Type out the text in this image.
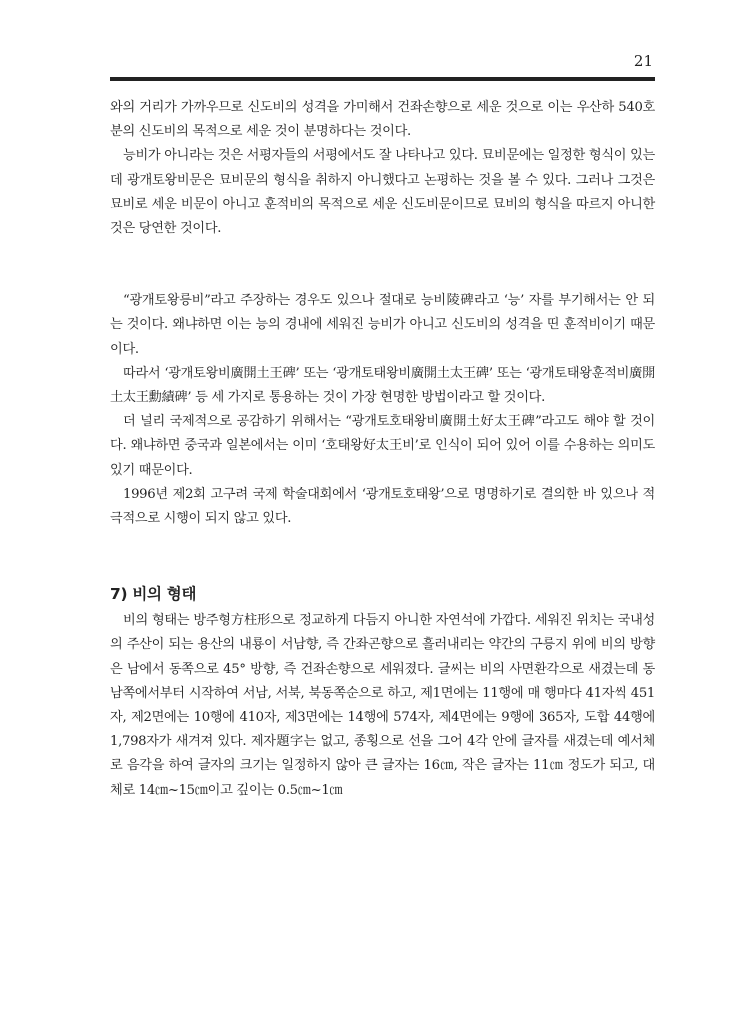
21

와의 거리가 가까우므로 신도비의 성격을 가미해서 건좌손향으로 세운 것으로 이는 우산하 540호분의 신도비의 목적으로 세운 것이 분명하다는 것이다.

능비가 아니라는 것은 서평자들의 서평에서도 잘 나타나고 있다. 묘비문에는 일정한 형식이 있는데 광개토왕비문은 묘비문의 형식을 취하지 아니했다고 논평하는 것을 볼 수 있다. 그러나 그것은 묘비로 세운 비문이 아니고 훈적비의 목적으로 세운 신도비문이므로 묘비의 형식을 따르지 아니한 것은 당연한 것이다.

“광개토왕릉비”라고 주장하는 경우도 있으나 절대로 능비陵碑라고 ‘능’ 자를 부기해서는 안 되는 것이다. 왜냐하면 이는 능의 경내에 세워진 능비가 아니고 신도비의 성격을 띤 훈적비이기 때문이다.

따라서 ‘광개토왕비廣開土王碑’ 또는 ‘광개토태왕비廣開土太王碑’ 또는 ‘광개토태왕훈적비廣開土太王勳績碑’ 등 세 가지로 통용하는 것이 가장 현명한 방법이라고 할 것이다.

더 널리 국제적으로 공감하기 위해서는 “광개토호태왕비廣開土好太王碑”라고도 해야 할 것이다. 왜냐하면 중국과 일본에서는 이미 ‘호태왕好太王비’로 인식이 되어 있어 이를 수용하는 의미도 있기 때문이다.

1996년 제2회 고구려 국제 학술대회에서 ‘광개토호태왕’으로 명명하기로 결의한 바 있으나 적극적으로 시행이 되지 않고 있다.

7) 비의 형태

비의 형태는 방주형方柱形으로 정교하게 다듬지 아니한 자연석에 가깝다. 세워진 위치는 국내성의 주산이 되는 용산의 내룡이 서남향, 즉 간좌곤향으로 흘러내리는 약간의 구릉지 위에 비의 방향은 남에서 동쪽으로 45° 방향, 즉 건좌손향으로 세워졌다. 글씨는 비의 사면환각으로 새겼는데 동남쪽에서부터 시작하여 서남, 서북, 북동쪽순으로 하고, 제1면에는 11행에 매 행마다 41자씩 451자, 제2면에는 10행에 410자, 제3면에는 14행에 574자, 제4면에는 9행에 365자, 도합 44행에 1,798자가 새겨져 있다. 제자題字는 없고, 종횡으로 선을 그어 4각 안에 글자를 새겼는데 예서체로 음각을 하여 글자의 크기는 일정하지 않아 큰 글자는 16㎝, 작은 글자는 11㎝ 정도가 되고, 대체로 14㎝~15㎝이고 깊이는 0.5㎝~1㎝
